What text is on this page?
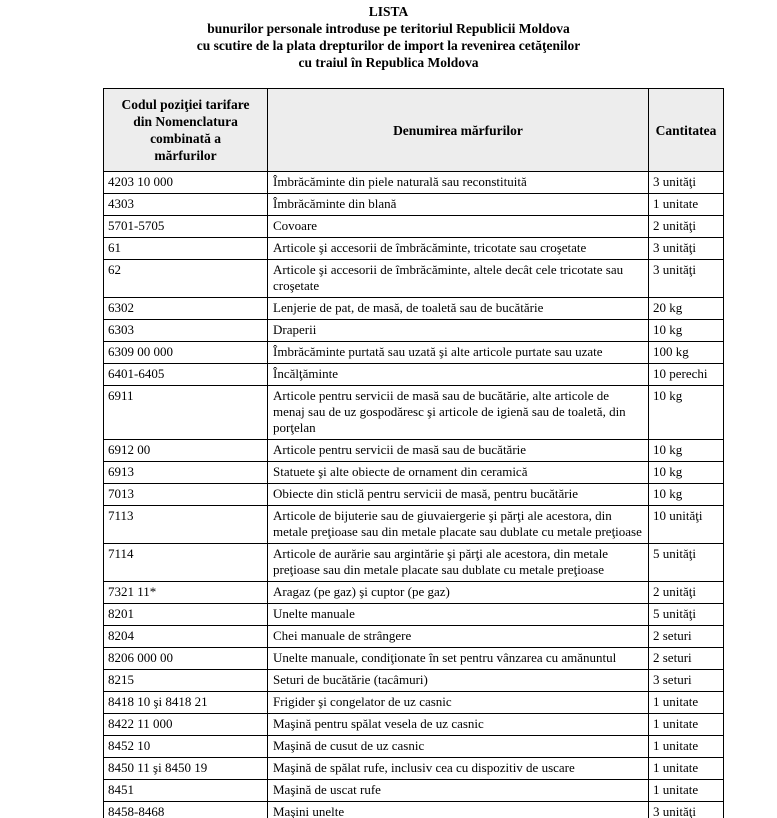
LISTA
bunurilor personale introduse pe teritoriul Republicii Moldova
cu scutire de la plata drepturilor de import la revenirea cetăţenilor
cu traiul în Republica Moldova
Codul poziţiei tarifare
din Nomenclatura
combinată a
mărfurilor	Denumirea mărfurilor	Cantitatea
4203 10 000	Îmbrăcăminte din piele naturală sau reconstituită	3 unităţi
4303	Îmbrăcăminte din blană	1 unitate
5701-5705	Covoare	2 unităţi
61	Articole şi accesorii de îmbrăcăminte, tricotate sau croşetate	3 unităţi
62	Articole şi accesorii de îmbrăcăminte, altele decât cele tricotate sau croşetate	3 unităţi
6302	Lenjerie de pat, de masă, de toaletă sau de bucătărie	20 kg
6303	Draperii	10 kg
6309 00 000	Îmbrăcăminte purtată sau uzată şi alte articole purtate sau uzate	100 kg
6401-6405	Încălţăminte	10 perechi
6911	Articole pentru servicii de masă sau de bucătărie, alte articole de menaj sau de uz gospodăresc şi articole de igienă sau de toaletă, din porţelan	10 kg
6912 00	Articole pentru servicii de masă sau de bucătărie	10 kg
6913	Statuete şi alte obiecte de ornament din ceramică	10 kg
7013	Obiecte din sticlă pentru servicii de masă, pentru bucătărie	10 kg
7113	Articole de bijuterie sau de giuvaiergerie şi părţi ale acestora, din metale preţioase sau din metale placate sau dublate cu metale preţioase	10 unităţi
7114	Articole de aurărie sau argintărie şi părţi ale acestora, din metale preţioase sau din metale placate sau dublate cu metale preţioase	5 unităţi
7321 11*	Aragaz (pe gaz) şi cuptor (pe gaz)	2 unităţi
8201	Unelte manuale	5 unităţi
8204	Chei manuale de strângere	2 seturi
8206 000 00	Unelte manuale, condiţionate în set pentru vânzarea cu amănuntul	2 seturi
8215	Seturi de bucătărie (tacâmuri)	3 seturi
8418 10 şi 8418 21	Frigider şi congelator de uz casnic	1 unitate
8422 11 000	Maşină pentru spălat vesela de uz casnic	1 unitate
8452 10	Maşină de cusut de uz casnic	1 unitate
8450 11 şi 8450 19	Maşină de spălat rufe, inclusiv cea cu dispozitiv de uscare	1 unitate
8451	Maşină de uscat rufe	1 unitate
8458-8468	Maşini unelte	3 unităţi
